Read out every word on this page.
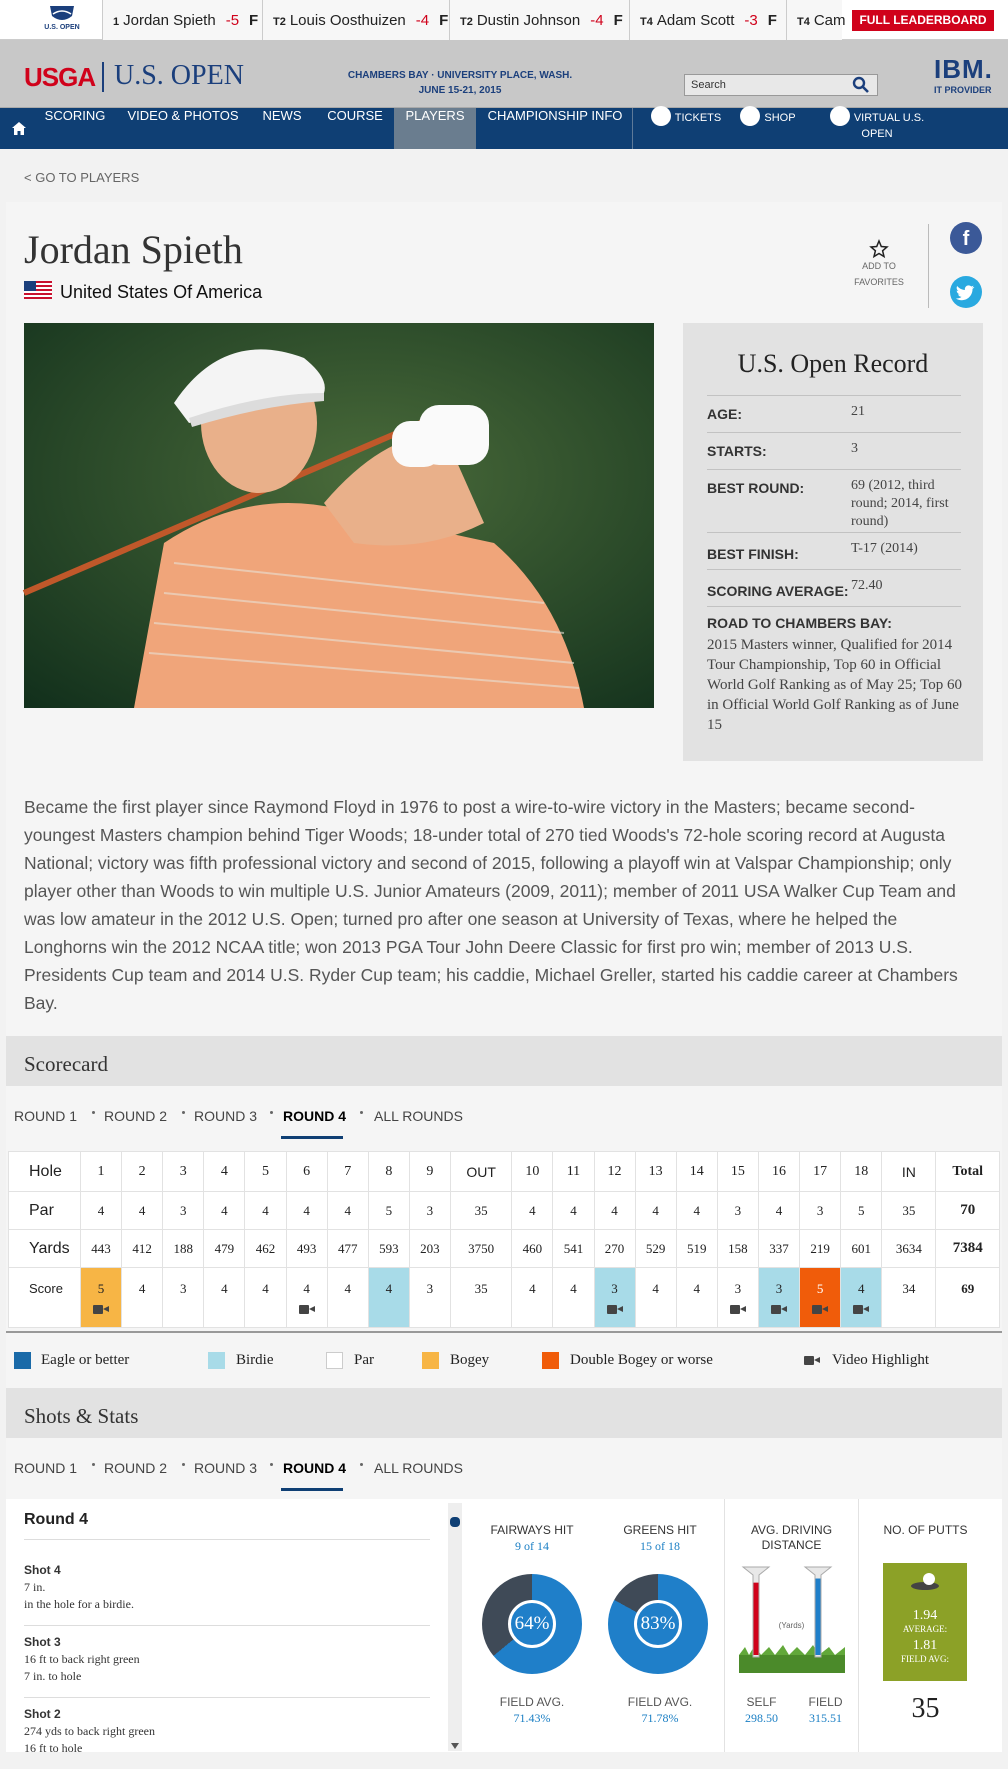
U.S. OPEN	1 Jordan Spieth -5 F	T2 Louis Oosthuizen -4 F	T2 Dustin Johnson -4 F	T4 Adam Scott -3 F	T4 Cam	FULL LEADERBOARD
USGA U.S. OPEN	CHAMBERS BAY · UNIVERSITY PLACE, WASH.
JUNE 15-21, 2015	Search
IBM.
IT PROVIDER
SCORING	VIDEO & PHOTOS	NEWS	COURSE	PLAYERS	CHAMPIONSHIP INFO	TICKETS	SHOP	VIRTUAL U.S. OPEN
< GO TO PLAYERS
Jordan Spieth
United States Of America
ADD TO
FAVORITES
f
U.S. Open Record
AGE:	21
STARTS:	3
BEST ROUND:	69 (2012, third round; 2014, first round)
BEST FINISH:	T-17 (2014)
SCORING AVERAGE: 72.40
ROAD TO CHAMBERS BAY:
2015 Masters winner, Qualified for 2014 Tour Championship, Top 60 in Official World Golf Ranking as of May 25; Top 60 in Official World Golf Ranking as of June 15
Became the first player since Raymond Floyd in 1976 to post a wire-to-wire victory in the Masters; became second-youngest Masters champion behind Tiger Woods; 18-under total of 270 tied Woods's 72-hole scoring record at Augusta National; victory was fifth professional victory and second of 2015, following a playoff win at Valspar Championship; only player other than Woods to win multiple U.S. Junior Amateurs (2009, 2011); member of 2011 USA Walker Cup Team and was low amateur in the 2012 U.S. Open; turned pro after one season at University of Texas, where he helped the Longhorns win the 2012 NCAA title; won 2013 PGA Tour John Deere Classic for first pro win; member of 2013 U.S. Presidents Cup team and 2014 U.S. Ryder Cup team; his caddie, Michael Greller, started his caddie career at Chambers Bay.
Scorecard
ROUND 1 ROUND 2 ROUND 3 ROUND 4 ALL ROUNDS
Hole	1	2	3	4	5	6	7	8	9	OUT	10	11	12	13	14	15	16	17	18	IN	Total
Par	4	4	3	4	4	4	4	5	3	35	4	4	4	4	4	3	4	3	5	35	70
Yards	443	412	188	479	462	493	477	593	203	3750	460	541	270	529	519	158	337	219	601	3634	7384
Score	5	4	3	4	4	4	4	4	3	35	4	4	3	4	4	3	3	5	4	34	69
Eagle or better	Birdie	Par	Bogey	Double Bogey or worse	Video Highlight
Shots & Stats
ROUND 1 ROUND 2 ROUND 3 ROUND 4 ALL ROUNDS
Round 4
Shot 4
7 in.
in the hole for a birdie.
Shot 3
16 ft to back right green
7 in. to hole
Shot 2
274 yds to back right green
16 ft to hole
FAIRWAYS HIT
9 of 14
64%
FIELD AVG.
71.43%
GREENS HIT
15 of 18
83%
FIELD AVG.
71.78%
AVG. DRIVING
DISTANCE
(Yards)
SELF
298.50
FIELD
315.51
NO. OF PUTTS
1.94
AVERAGE:
1.81
FIELD AVG:
35
